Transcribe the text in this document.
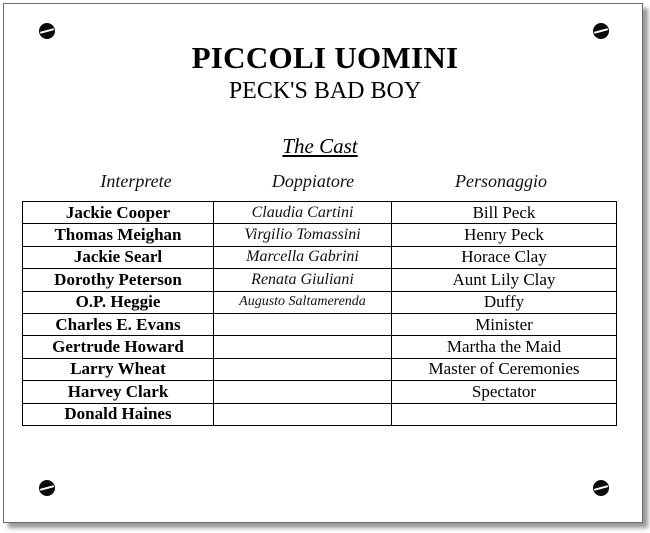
PICCOLI UOMINI
PECK'S BAD BOY
The Cast
Interprete	Doppiatore	Personaggio
Jackie Cooper	Claudia Cartini	Bill Peck
Thomas Meighan	Virgilio Tomassini	Henry Peck
Jackie Searl	Marcella Gabrini	Horace Clay
Dorothy Peterson	Renata Giuliani	Aunt Lily Clay
O.P. Heggie	Augusto Saltamerenda	Duffy
Charles E. Evans		Minister
Gertrude Howard		Martha the Maid
Larry Wheat		Master of Ceremonies
Harvey Clark		Spectator
Donald Haines		
